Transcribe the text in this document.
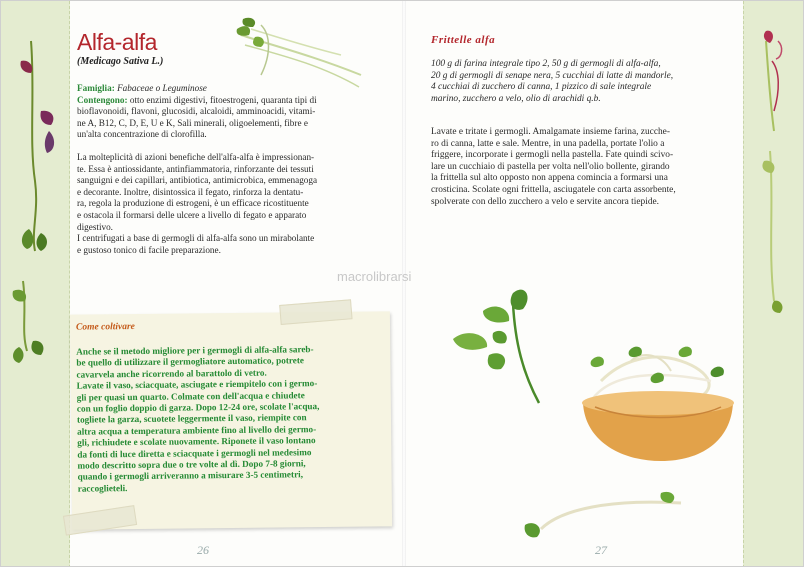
Alfa-alfa

(Medicago Sativa L.)

Famiglia: Fabaceae o Leguminose

Contengono: otto enzimi digestivi, fitoestrogeni, quaranta tipi di

bioflavonoidi, flavoni, glucosidi, alcaloidi, amminoacidi, vitami-

ne A, B12, C, D, E, U e K, Sali minerali, oligoelementi, fibre e

un'alta concentrazione di clorofilla.

La molteplicità di azioni benefiche dell'alfa-alfa è impressionan-

te. Essa è antiossidante, antinfiammatoria, rinforzante dei tessuti

sanguigni e dei capillari, antibiotica, antimicrobica, emmenagoga

e decorante. Inoltre, disintossica il fegato, rinforza la dentatu-

ra, regola la produzione di estrogeni, è un efficace ricostituente

e ostacola il formarsi delle ulcere a livello di fegato e apparato

digestivo.

I centrifugati a base di germogli di alfa-alfa sono un mirabolante

e gustoso tonico di facile preparazione.

macrolibrarsi

Come coltivare

Anche se il metodo migliore per i germogli di alfa-alfa sareb-

be quello di utilizzare il germogliatore automatico, potrete

cavarvela anche ricorrendo al barattolo di vetro.

Lavate il vaso, sciacquate, asciugate e riempitelo con i germo-

gli per quasi un quarto. Colmate con dell'acqua e chiudete

con un foglio doppio di garza. Dopo 12-24 ore, scolate l'acqua,

togliete la garza, scuotete leggermente il vaso, riempite con

altra acqua a temperatura ambiente fino al livello dei germo-

gli, richiudete e scolate nuovamente. Riponete il vaso lontano

da fonti di luce diretta e sciacquate i germogli nel medesimo

modo descritto sopra due o tre volte al dì. Dopo 7-8 giorni,

quando i germogli arriveranno a misurare 3-5 centimetri,

raccoglieteli.

26

Frittelle alfa

100 g di farina integrale tipo 2, 50 g di germogli di alfa-alfa,
20 g di germogli di senape nera, 5 cucchiai di latte di mandorle,
4 cucchiai di zucchero di canna, 1 pizzico di sale integrale
marino, zucchero a velo, olio di arachidi q.b.
Lavate e tritate i germogli. Amalgamate insieme farina, zucche-
ro di canna, latte e sale. Mentre, in una padella, portate l'olio a
friggere, incorporate i germogli nella pastella. Fate quindi scivo-
lare un cucchiaio di pastella per volta nell'olio bollente, girando
la frittella sul alto opposto non appena comincia a formarsi una
crosticina. Scolate ogni frittella, asciugatele con carta assorbente,
spolverate con dello zucchero a velo e servite ancora tiepide.
27
